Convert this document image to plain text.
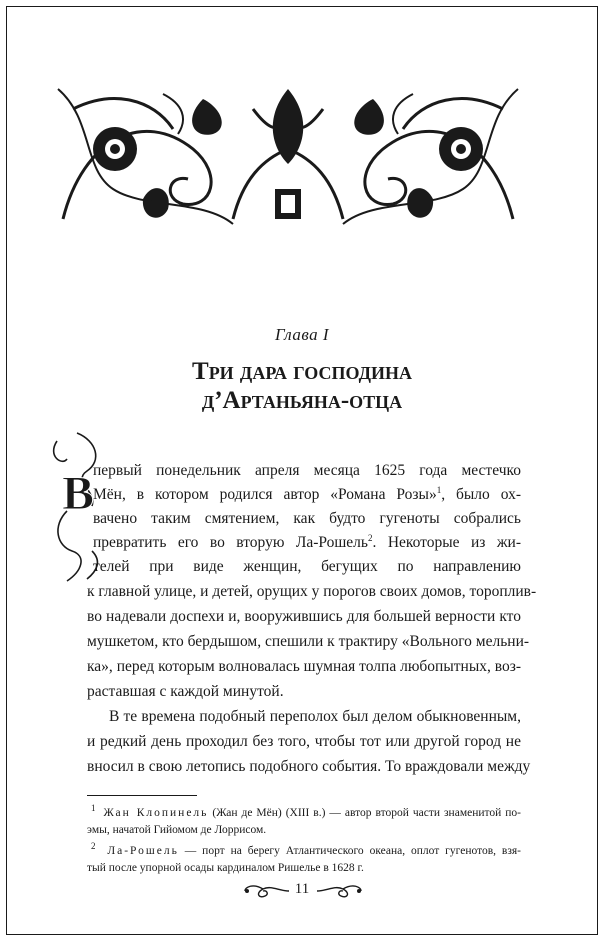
Глава I
Три дара господина
д’Артаньяна-отца
В
первый понедельник апреля месяца 1625 года местечко
Мён, в котором родился автор «Романа Розы»$^1$, было ох-
вачено таким смятением, как будто гугеноты собрались
превратить его во вторую Ла-Рошель$^2$. Некоторые из жи-
телей при виде женщин, бегущих по направлению
к главной улице, и детей, орущих у порогов своих домов, тороплив-
во надевали доспехи и, вооружившись для большей верности кто
мушкетом, кто бердышом, спешили к трактиру «Вольного мельни-
ка», перед которым волновалась шумная толпа любопытных, воз-
раставшая с каждой минутой.
В те времена подобный переполох был делом обыкновенным,
и редкий день проходил без того, чтобы тот или другой город не
вносил в свою летопись подобного события. То враждовали между
$^1$ Жан Клопинель (Жан де Мён) (XIII в.) — автор второй части знаменитой по-
эмы, начатой Гийомом де Лоррисом.
$^2$ Ла-Рошель — порт на берегу Атлантического океана, оплот гугенотов, взя-
тый после упорной осады кардиналом Ришелье в 1628 г.
11
